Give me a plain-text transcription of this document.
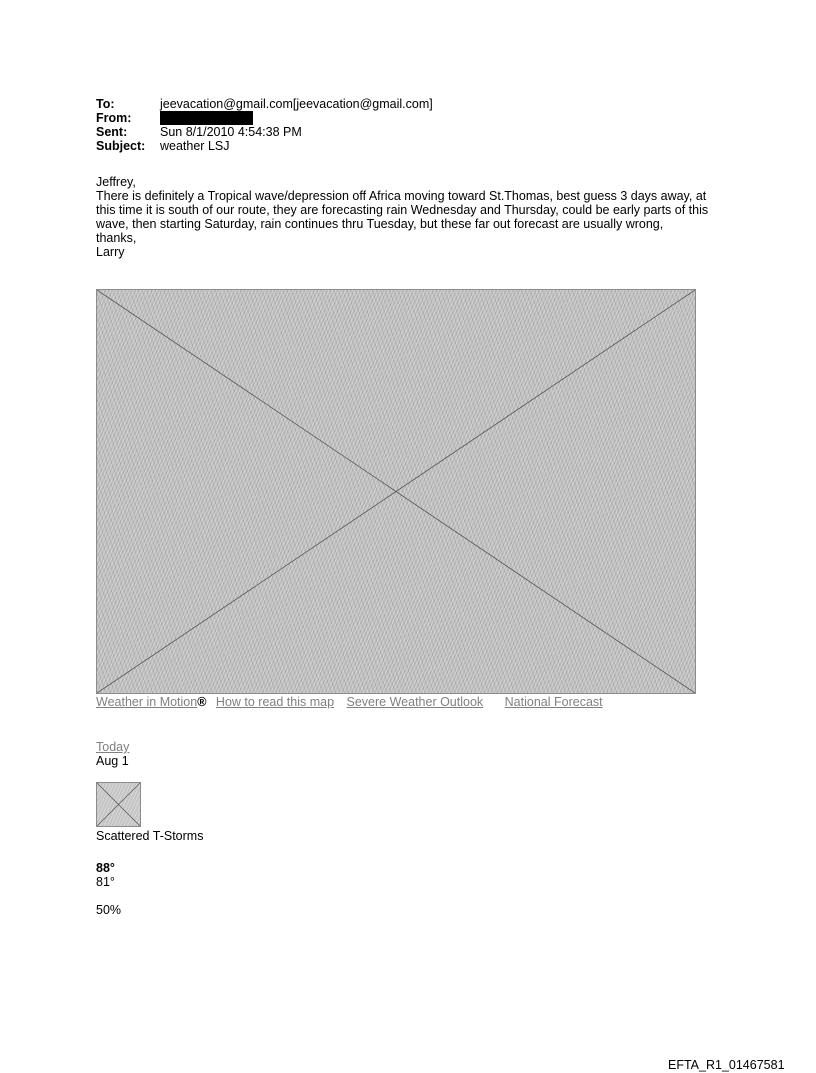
To:	jeevacation@gmail.com[jeevacation@gmail.com]
From:
Sent:	Sun 8/1/2010 4:54:38 PM
Subject:	weather LSJ
Jeffrey,
There is definitely a Tropical wave/depression off Africa moving toward St.Thomas, best guess 3 days away, at
this time it is south of our route, they are forecasting rain Wednesday and Thursday, could be early parts of this
wave, then starting Saturday, rain continues thru Tuesday, but these far out forecast are usually wrong,
thanks,
Larry
Weather in Motion® How to read this map Severe Weather Outlook National Forecast
Today
Aug 1
Scattered T-Storms
88°
81°
50%
EFTA_R1_01467581
